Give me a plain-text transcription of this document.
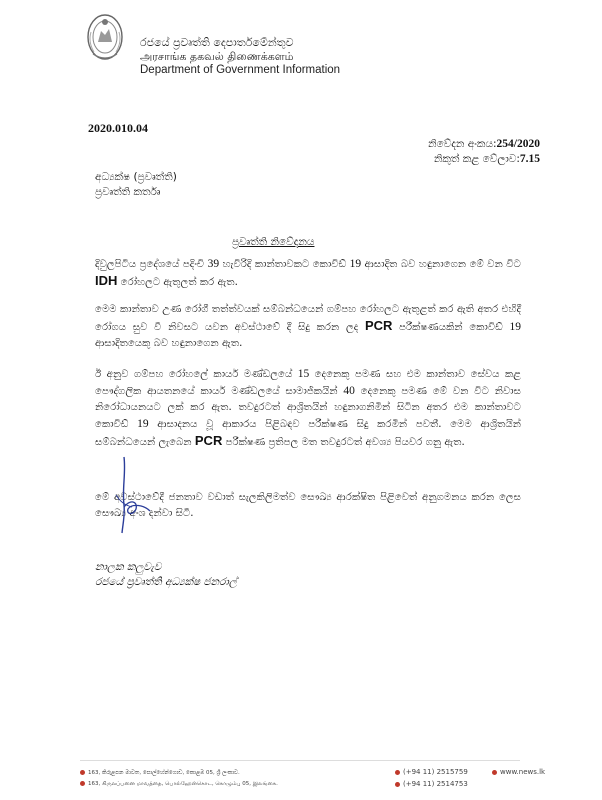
රජයේ ප්‍රවෘත්ති දෙපාර්තමේන්තුව
அரசாங்க தகவல் திணைக்களம்
Department of Government Information
2020.010.04
නිවේදන අංකය:254/2020
නිකුත් කළ වේලාව:7.15
අධ්‍යක්ෂ (ප්‍රවෘත්ති)
ප්‍රවෘත්ති කර්තෘ
ප්‍රවෘත්ති නිවේදනය
දිවුලපිටිය ප්‍රදේශයේ පදිංචි 39 හැවිරිදි කාන්තාවකට කොවිඩ් 19 ආසාදිත බව හඳුනාගෙන මේ වන විට IDH රෝහලට ඇතුලත් කර ඇත.
මෙම කාන්තාව උණ රෝගී තත්ත්වයක් සම්බන්ධයෙන් ගම්පහ රෝහලට ඇතුළත් කර ඇති අතර එහිදී රෝගය සුව වී නිවසට යවන අවස්ථාවේ දී සිදු කරන ලද PCR පරීක්ෂණයකින් කොවිඩ් 19 ආසාදිතයෙකු බව හඳුනාගෙන ඇත.
ඊ අනුව ගම්පහ රෝහලේ කාර්ය මණ්ඩලයේ 15 දෙනෙකු පමණ සහ එම කාන්තාව සේවය කළ පෞද්ගලික ආයතනයේ කාර්ය මණ්ඩලයේ සාමාජිකයින් 40 දෙනෙකු පමණ මේ වන විට නිවාස නිරෝධායනයට ලක් කර ඇත. තවදුරටත් ආශ්‍රිතයින් හඳුනාගනිමින් සිටින අතර එම කාන්තාවට කොවිඩ් 19 ආසාදනය වූ ආකාරය පිළිබඳව පරීක්ෂණ සිදු කරමින් පවතී. මෙම ආශ්‍රිතයින් සම්බන්ධයෙන් ලැබෙන PCR පරීක්ෂණ ප්‍රතිපල මත තවදුරටත් අවශ්‍ය පියවර ගනු ඇත.
මේ අවස්ථාවේදී ජනතාව වඩාත් සැලකිලිමත්ව සෞඛ්‍ය ආරක්ෂිත පිළිවෙත් අනුගමනය කරන ලෙස සෞඛ්‍ය අංශ දන්වා සිටී.
නාලක කලුවැව
රජයේ ප්‍රවෘත්ති අධ්‍යක්ෂ ජනරාල්
163, කිරුළපන මාවත, පොල්හේන්ගොඩ, කොළඹ 05, ශ්‍රී ලංකාව.
163, கிருலப்பனை மாவத்தை, பொல்ஹேன்கொட, கொழும்பு 05, இலங்கை.
(+94 11) 2515759
(+94 11) 2514753
www.news.lk
